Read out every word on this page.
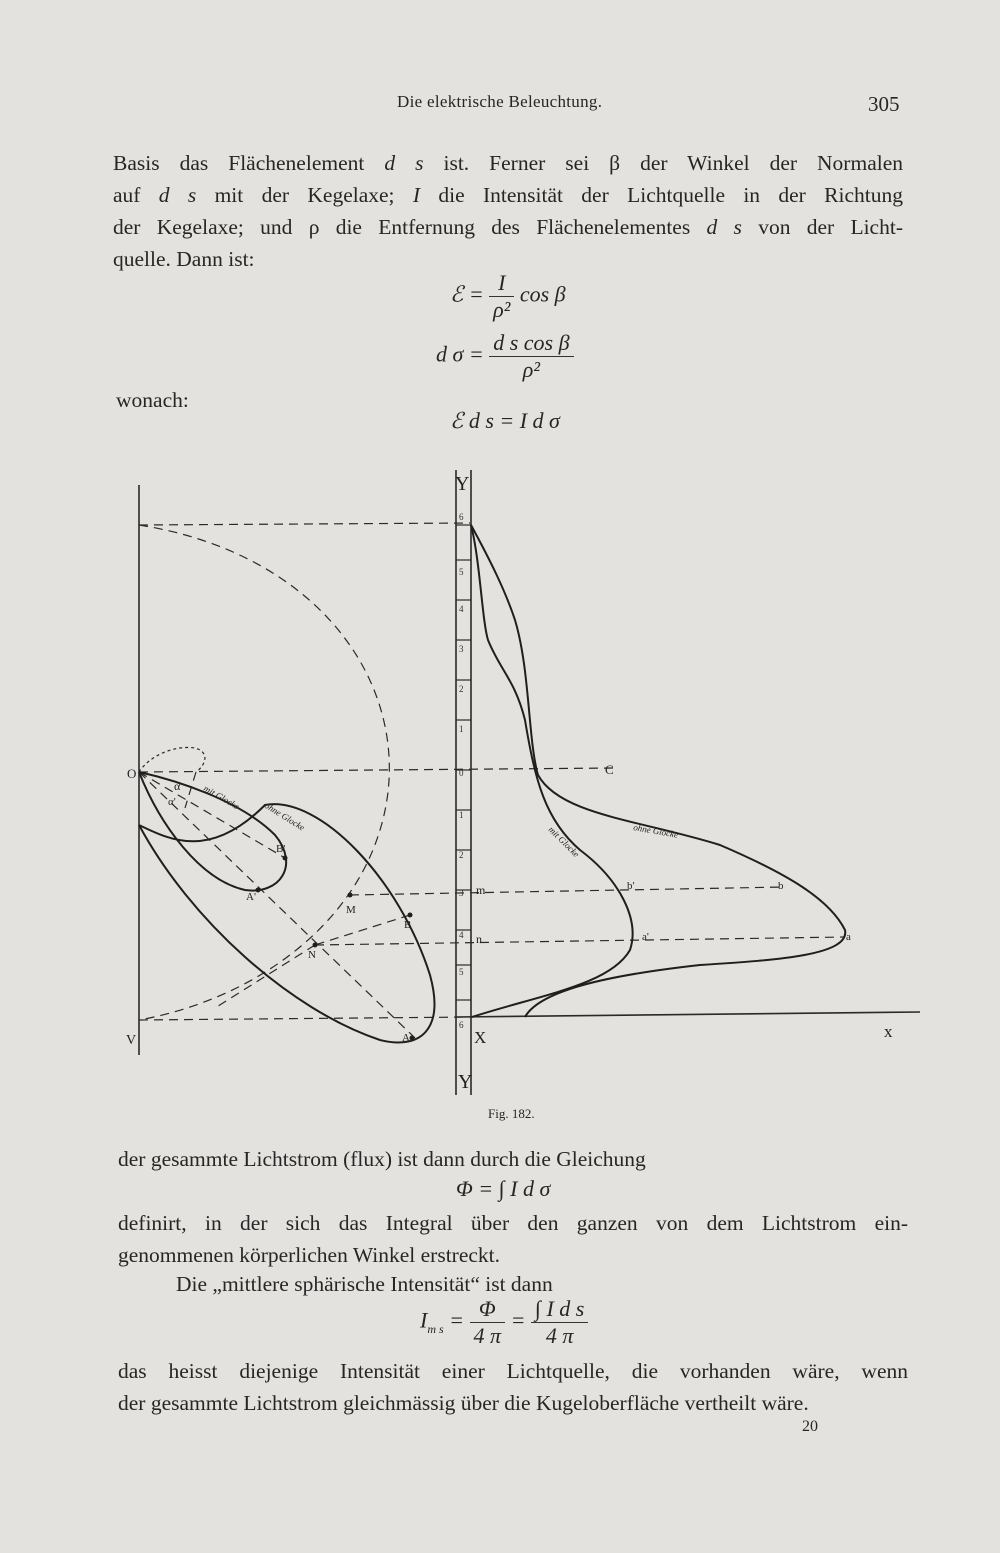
Die elektrische Beleuchtung.	305
Basis das Flächenelement d s ist. Ferner sei β der Winkel der Normalen
auf d s mit der Kegelaxe; I die Intensität der Lichtquelle in der Richtung
der Kegelaxe; und ρ die Entfernung des Flächenelementes d s von der Licht-
quelle. Dann ist:
ℰ = $\frac{I}{\text{ρ²}}$ cos β
d $\sigma = \frac{\text{d s cos β}}{\text{ρ²}}$
wonach:
ℰ d s = I d σ
6
5
4
3
2
1
0
1
2
3
4
5
6
Y
Y
X	x
O
V
C
m
n	a
a'
b
b'
A
A'
B
B'
M
N
α
α'	mit Glocke
ohne Glocke
mit Glocke	ohne Glocke
Fig. 182.
der gesammte Lichtstrom (flux) ist dann durch die Gleichung
Φ = ∫ I d σ
definirt, in der sich das Integral über den ganzen von dem Lichtstrom ein-
genommenen körperlichen Winkel erstreckt.
Die „mittlere sphärische Intensität“ ist dann
$I_{m s} = \frac{\Phi}{4 \pi} = \frac{\text{∫ I d s}}{4 \pi}$
das heisst diejenige Intensität einer Lichtquelle, die vorhanden wäre, wenn
der gesammte Lichtstrom gleichmässig über die Kugeloberfläche vertheilt wäre.
20
